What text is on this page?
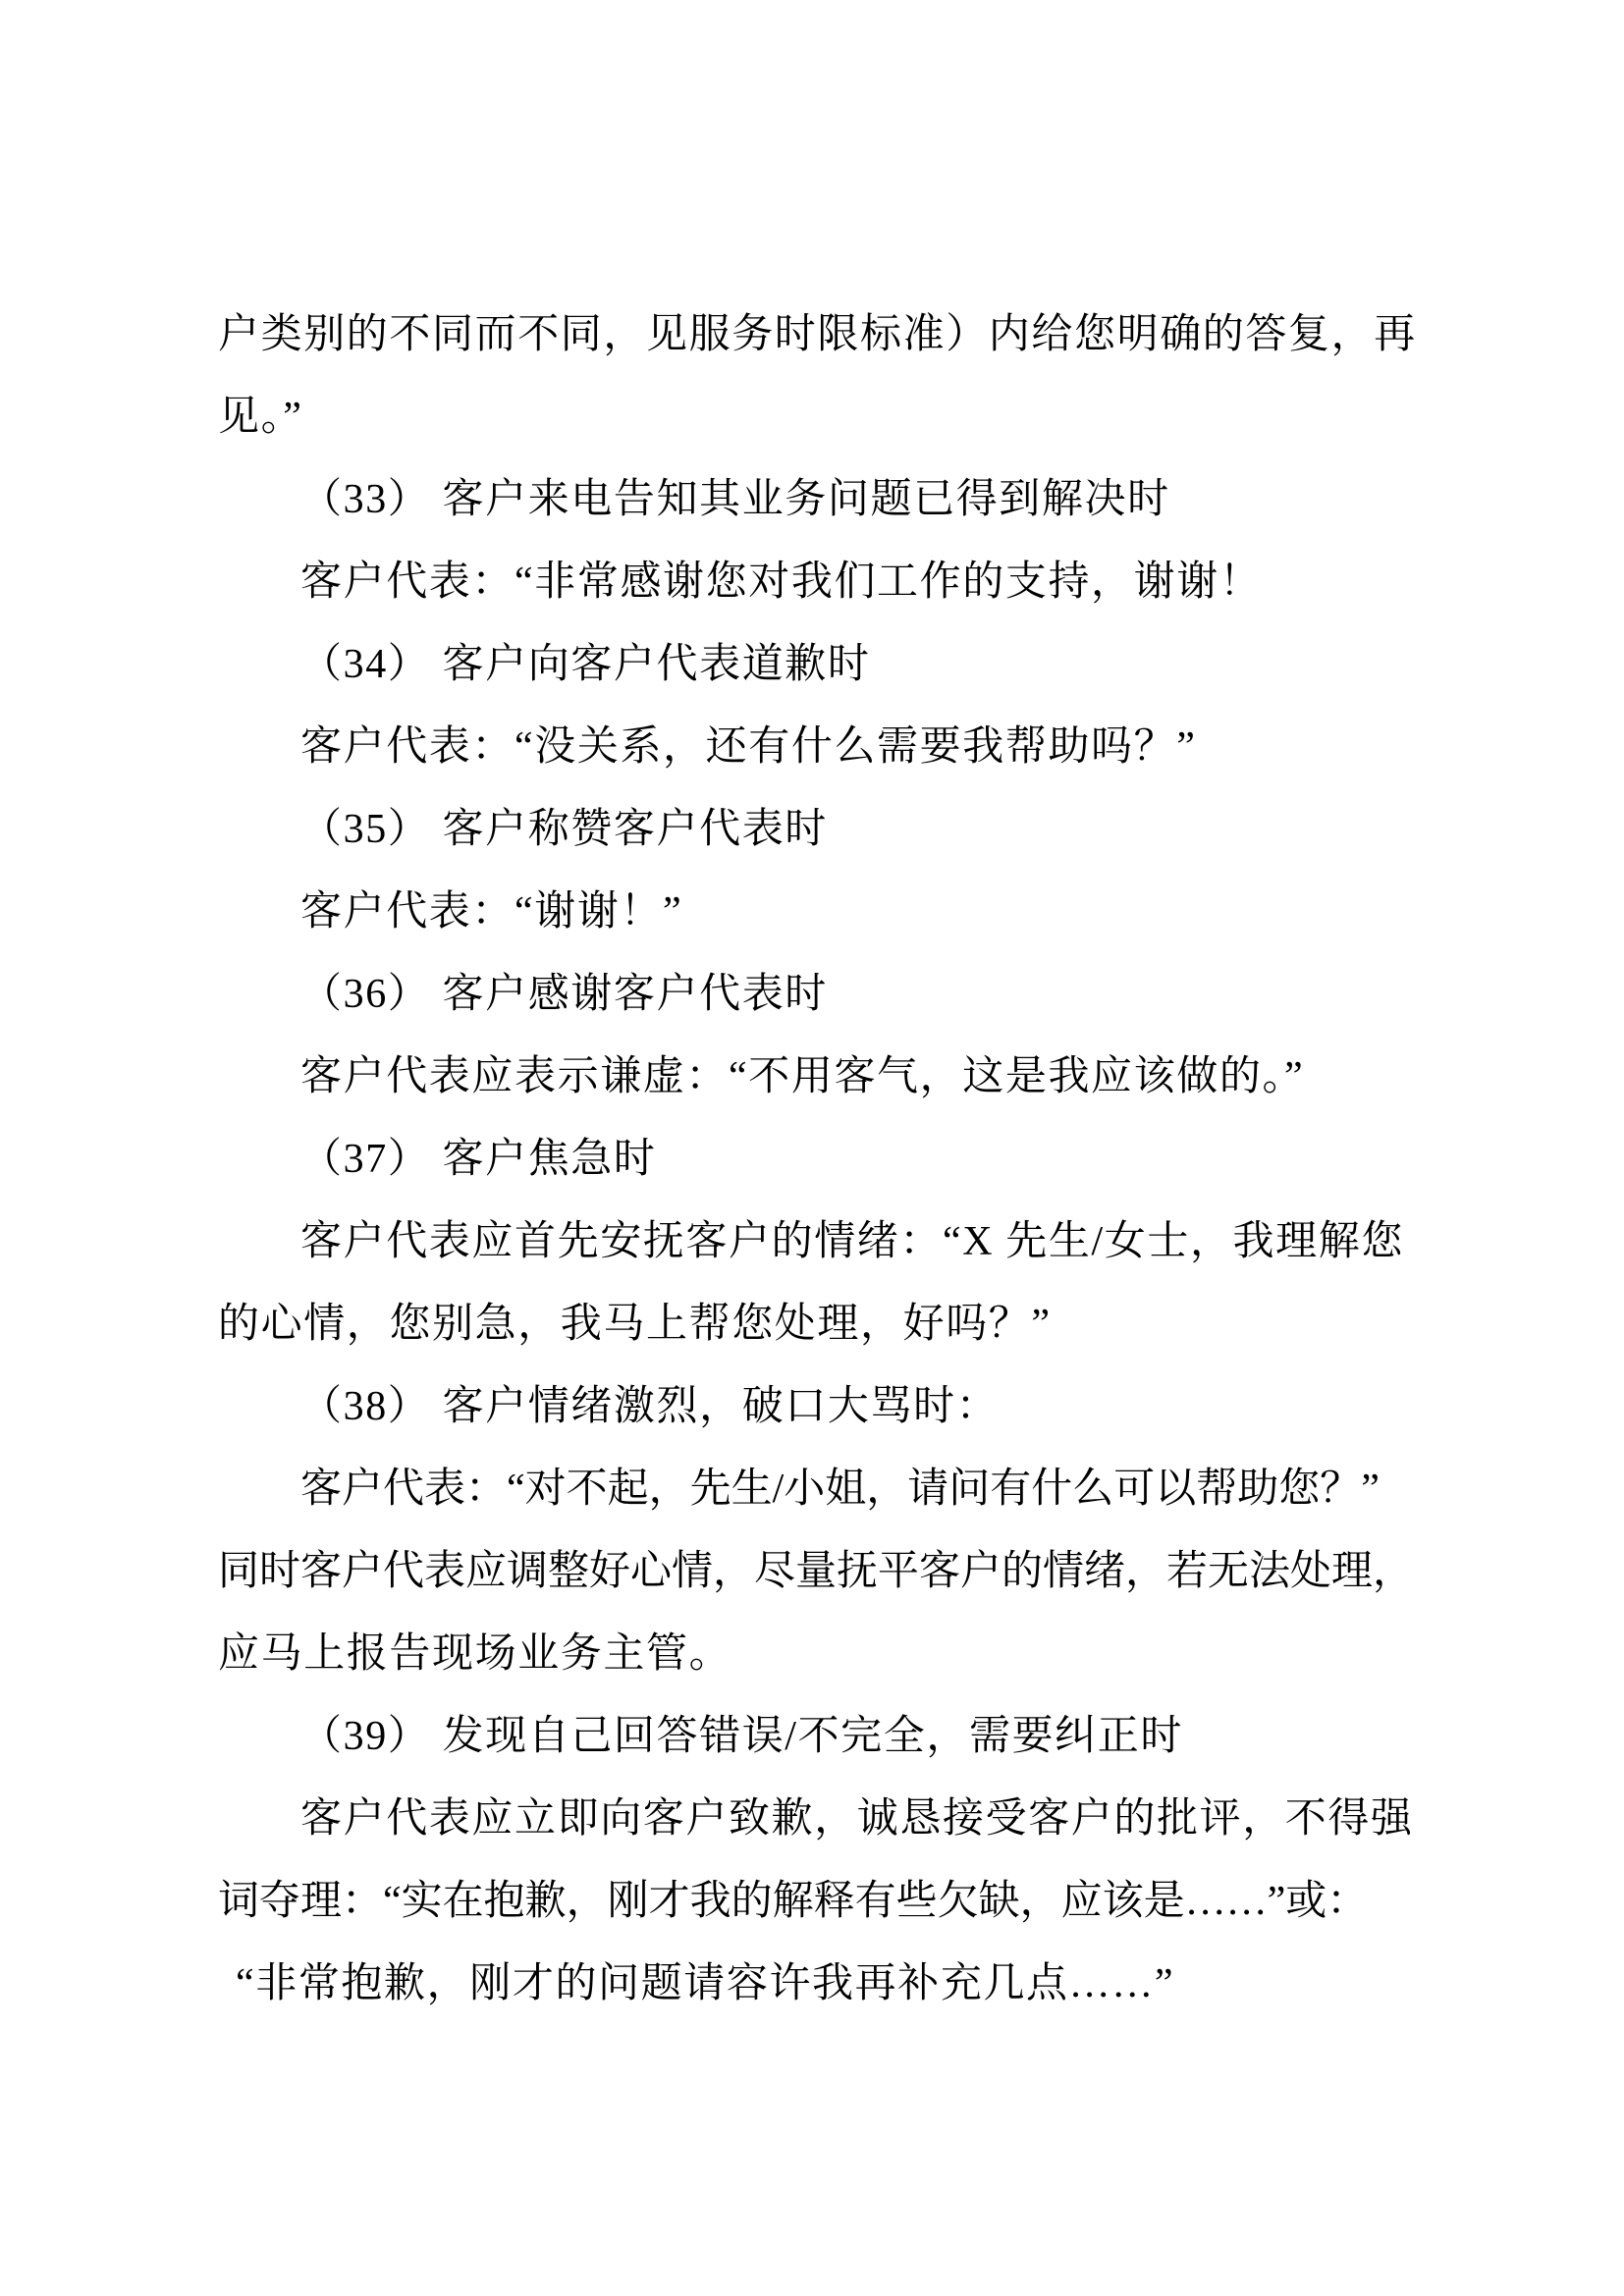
户类别的不同而不同，见服务时限标准）内给您明确的答复，再
见。”
（33） 客户来电告知其业务问题已得到解决时
客户代表：“非常感谢您对我们工作的支持，谢谢！
（34） 客户向客户代表道歉时
客户代表：“没关系，还有什么需要我帮助吗？”
（35） 客户称赞客户代表时
客户代表：“谢谢！”
（36） 客户感谢客户代表时
客户代表应表示谦虚：“不用客气，这是我应该做的。”
（37） 客户焦急时
客户代表应首先安抚客户的情绪：“X 先生/女士，我理解您
的心情，您别急，我马上帮您处理，好吗？”
（38） 客户情绪激烈，破口大骂时：
客户代表：“对不起，先生/小姐，请问有什么可以帮助您？”
同时客户代表应调整好心情，尽量抚平客户的情绪，若无法处理，
应马上报告现场业务主管。
（39） 发现自己回答错误/不完全，需要纠正时
客户代表应立即向客户致歉，诚恳接受客户的批评，不得强
词夺理：“实在抱歉，刚才我的解释有些欠缺，应该是……”或：
“非常抱歉，刚才的问题请容许我再补充几点……”
